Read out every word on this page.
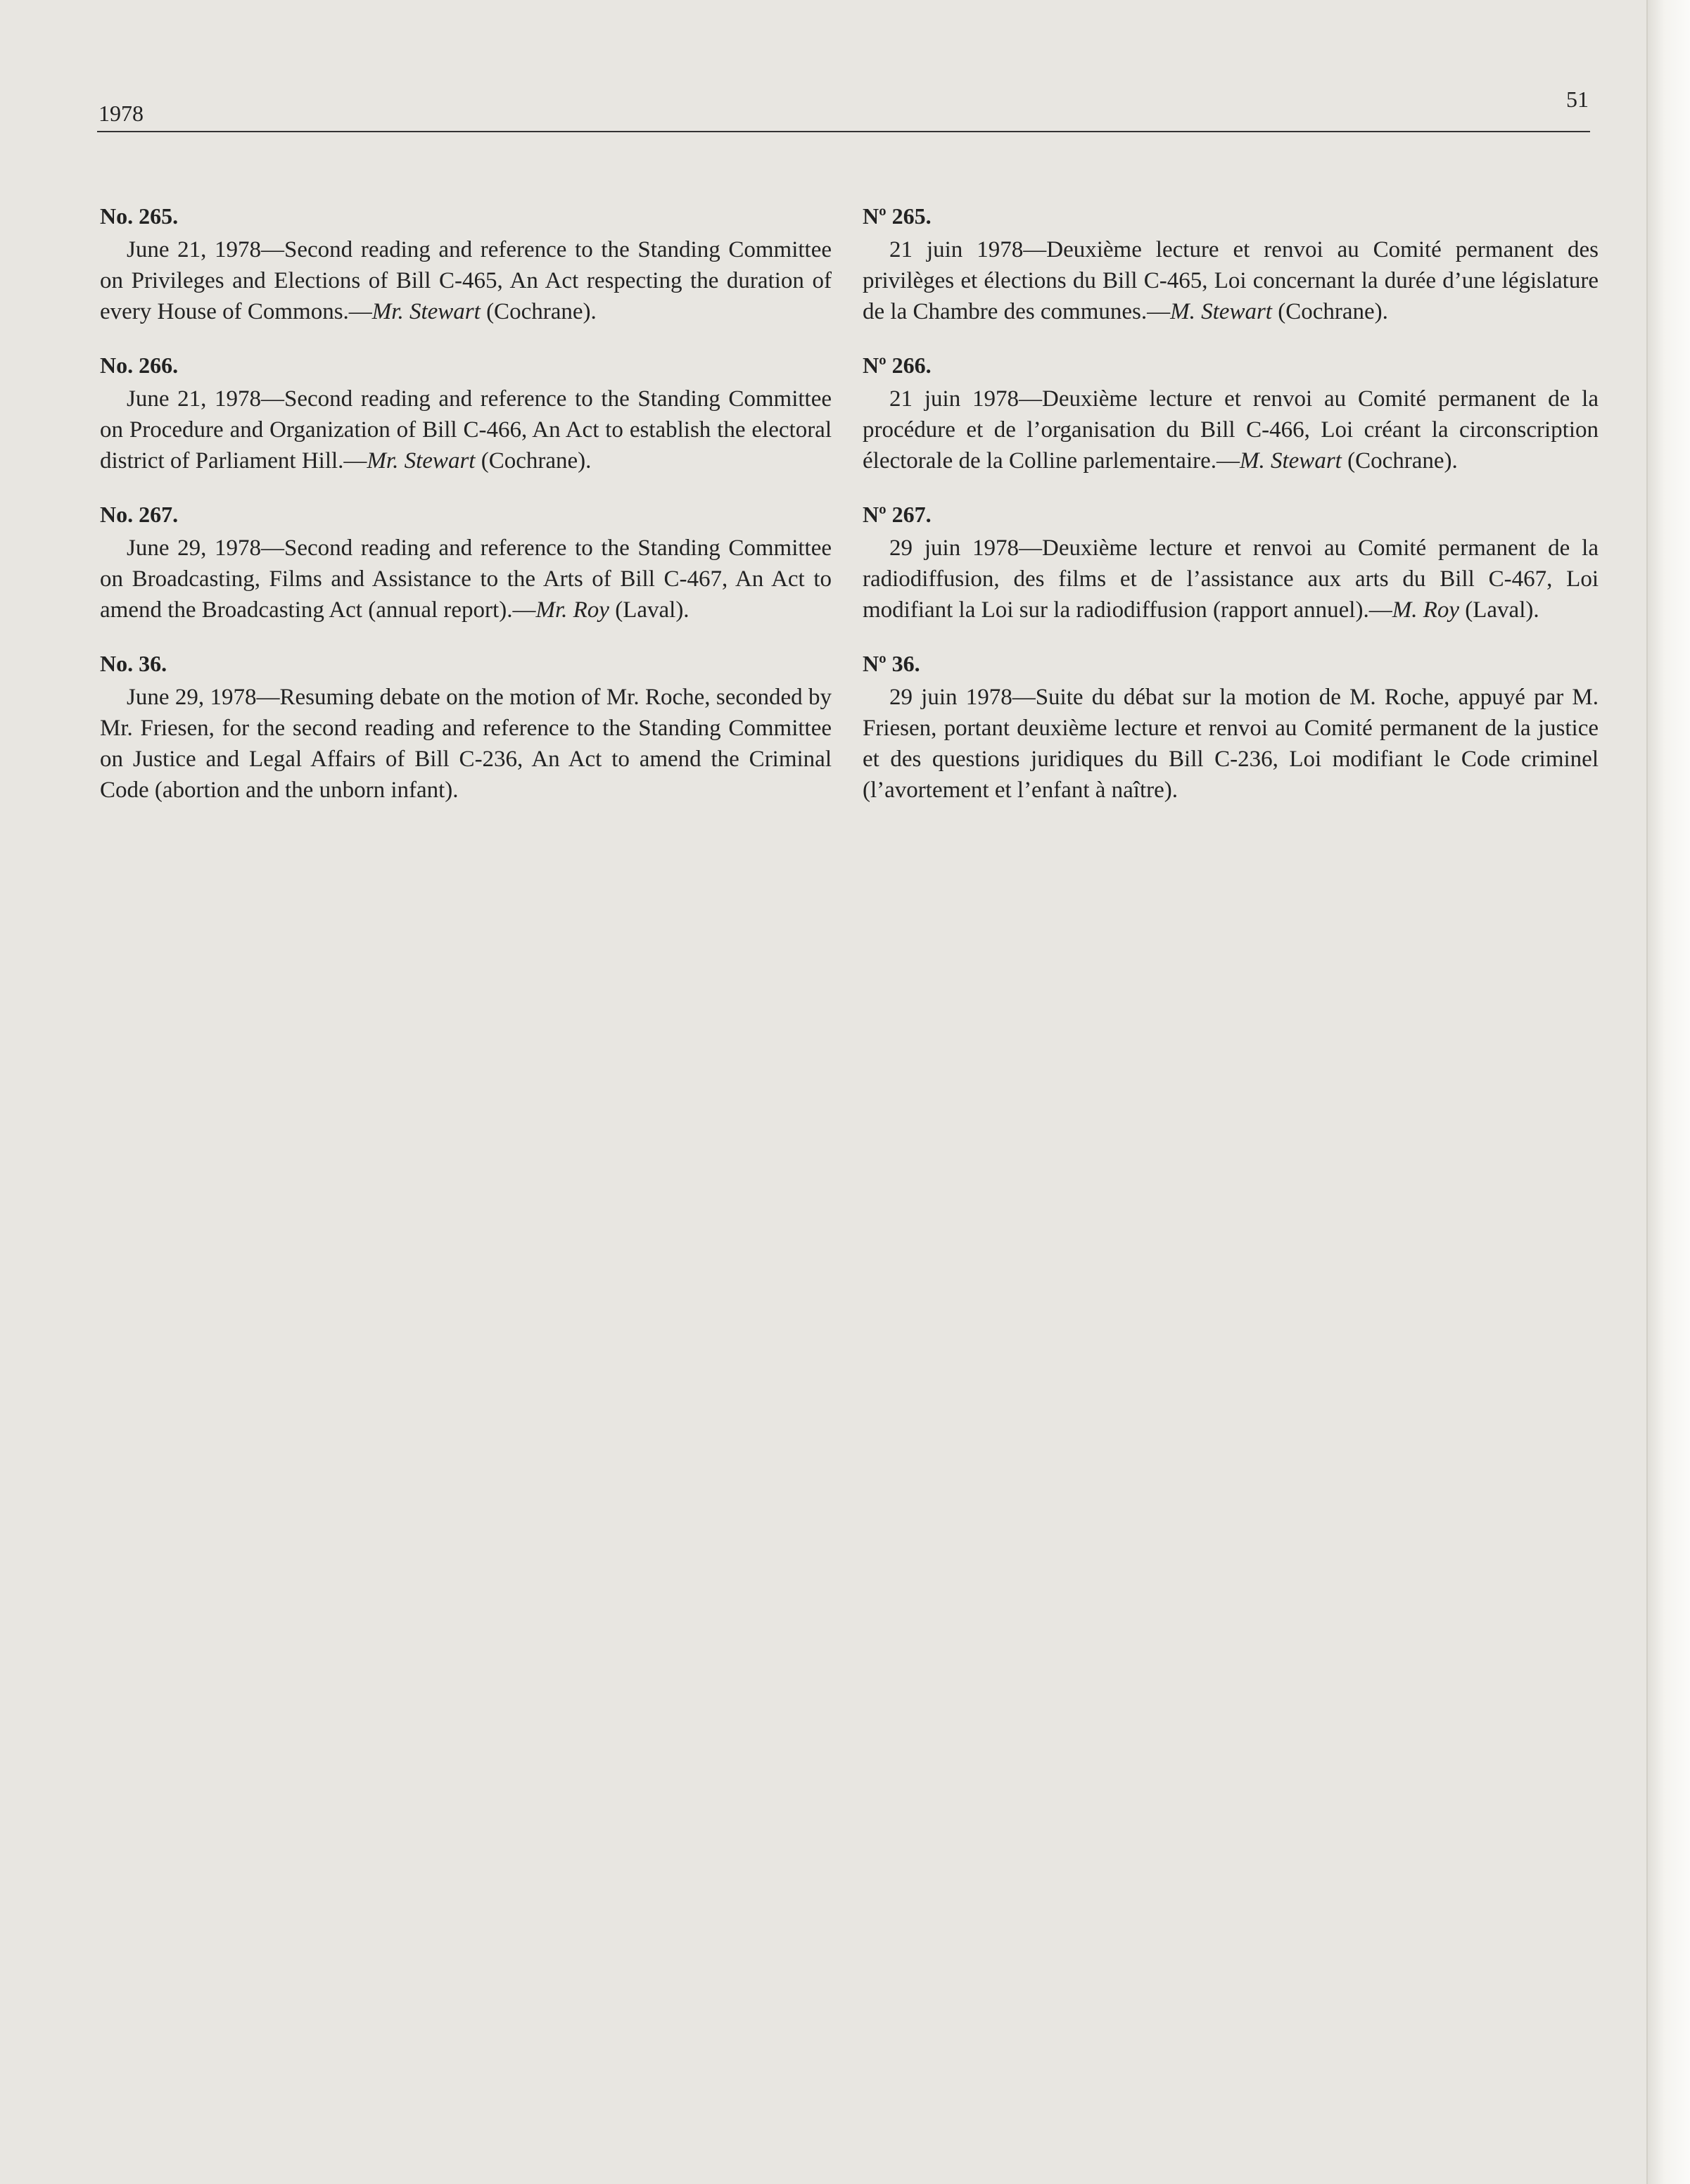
1978
51
No. 265.

June 21, 1978—Second reading and reference to the Standing Committee on Privileges and Elections of Bill C-465, An Act respecting the duration of every House of Commons.—Mr. Stewart (Cochrane).

No. 266.

June 21, 1978—Second reading and reference to the Standing Committee on Procedure and Organization of Bill C-466, An Act to establish the electoral district of Parliament Hill.—Mr. Stewart (Cochrane).

No. 267.

June 29, 1978—Second reading and reference to the Standing Committee on Broadcasting, Films and Assistance to the Arts of Bill C-467, An Act to amend the Broadcasting Act (annual report).—Mr. Roy (Laval).

No. 36.

June 29, 1978—Resuming debate on the motion of Mr. Roche, seconded by Mr. Friesen, for the second reading and reference to the Standing Committee on Justice and Legal Affairs of Bill C-236, An Act to amend the Criminal Code (abortion and the unborn infant).

Nº 265.

21 juin 1978—Deuxième lecture et renvoi au Comité permanent des privilèges et élections du Bill C-465, Loi concernant la durée d’une législature de la Chambre des communes.—M. Stewart (Cochrane).

Nº 266.

21 juin 1978—Deuxième lecture et renvoi au Comité permanent de la procédure et de l’organisation du Bill C-466, Loi créant la circonscription électorale de la Colline parlementaire.—M. Stewart (Cochrane).

Nº 267.

29 juin 1978—Deuxième lecture et renvoi au Comité permanent de la radiodiffusion, des films et de l’assistance aux arts du Bill C-467, Loi modifiant la Loi sur la radiodiffusion (rapport annuel).—M. Roy (Laval).

Nº 36.

29 juin 1978—Suite du débat sur la motion de M. Roche, appuyé par M. Friesen, portant deuxième lecture et renvoi au Comité permanent de la justice et des questions juridiques du Bill C-236, Loi modifiant le Code criminel (l’avortement et l’enfant à naître).
